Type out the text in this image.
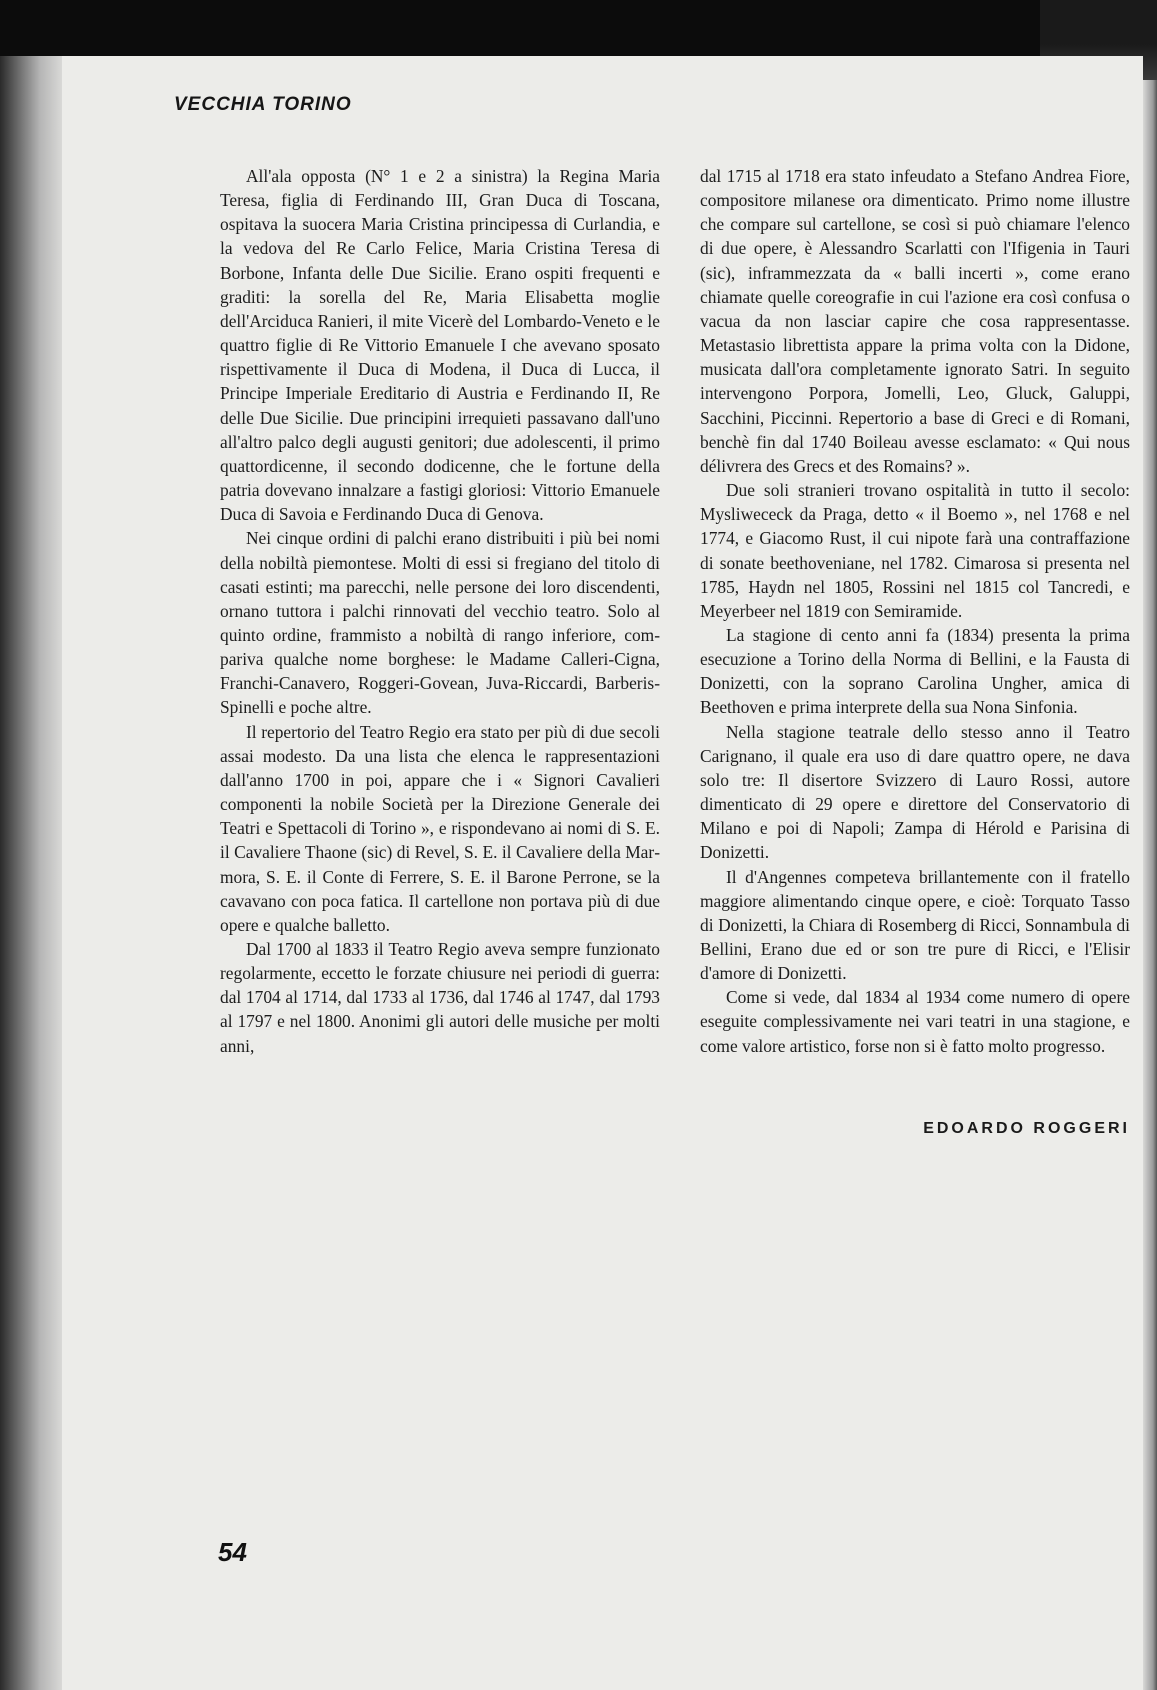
VECCHIA TORINO

All'ala opposta (N° 1 e 2 a sinistra) la Regina Maria Teresa, figlia di Ferdinando III, Gran Duca di Toscana, ospitava la suocera Maria Cristina principessa di Curlandia, e la vedova del Re Carlo Felice, Maria Cristina Teresa di Borbone, Infanta delle Due Sicilie. Erano ospiti frequenti e graditi: la sorella del Re, Maria Elisabetta moglie dell'Arciduca Ranieri, il mite Vicerè del Lombardo-Veneto e le quattro figlie di Re Vittorio Emanuele I che avevano sposato rispettivamente il Duca di Modena, il Duca di Lucca, il Principe Imperiale Ereditario di Austria e Ferdinando II, Re delle Due Sicilie. Due principini irrequieti passavano dall'uno all'altro palco degli augusti genitori; due adolescenti, il primo quattordicenne, il secondo dodicenne, che le fortune della patria dovevano innalzare a fastigi gloriosi: Vittorio Emanuele Duca di Savoia e Ferdinando Duca di Genova.

Nei cinque ordini di palchi erano distribuiti i più bei nomi della nobiltà piemontese. Molti di essi si fregiano del titolo di casati estinti; ma parecchi, nelle persone dei loro discendenti, ornano tuttora i palchi rinnovati del vecchio teatro. Solo al quinto ordine, frammisto a nobiltà di rango inferiore, compariva qualche nome borghese: le Madame Calleri-Cigna, Franchi-Canavero, Roggeri-Govean, Juva-Riccardi, Barberis-Spinelli e poche altre.

Il repertorio del Teatro Regio era stato per più di due secoli assai modesto. Da una lista che elenca le rappresentazioni dall'anno 1700 in poi, appare che i « Signori Cavalieri componenti la nobile Società per la Direzione Generale dei Teatri e Spettacoli di Torino », e rispondevano ai nomi di S. E. il Cavaliere Thaone (sic) di Revel, S. E. il Cavaliere della Marmora, S. E. il Conte di Ferrere, S. E. il Barone Perrone, se la cavavano con poca fatica. Il cartellone non portava più di due opere e qualche balletto.

Dal 1700 al 1833 il Teatro Regio aveva sempre funzionato regolarmente, eccetto le forzate chiusure nei periodi di guerra: dal 1704 al 1714, dal 1733 al 1736, dal 1746 al 1747, dal 1793 al 1797 e nel 1800. Anonimi gli autori delle musiche per molti anni,

dal 1715 al 1718 era stato infeudato a Stefano Andrea Fiore, compositore milanese ora dimenticato. Primo nome illustre che compare sul cartellone, se così si può chiamare l'elenco di due opere, è Alessandro Scarlatti con l'Ifigenia in Tauri (sic), inframmezzata da « balli incerti », come erano chiamate quelle coreografie in cui l'azione era così confusa o vacua da non lasciar capire che cosa rappresentasse. Metastasio librettista appare la prima volta con la Didone, musicata dall'ora completamente ignorato Satri. In seguito intervengono Porpora, Jomelli, Leo, Gluck, Galuppi, Sacchini, Piccinni. Repertorio a base di Greci e di Romani, benchè fin dal 1740 Boileau avesse esclamato: « Qui nous délivrera des Grecs et des Romains? ».

Due soli stranieri trovano ospitalità in tutto il secolo: Mysliwececk da Praga, detto « il Boemo », nel 1768 e nel 1774, e Giacomo Rust, il cui nipote farà una contraffazione di sonate beethoveniane, nel 1782. Cimarosa si presenta nel 1785, Haydn nel 1805, Rossini nel 1815 col Tancredi, e Meyerbeer nel 1819 con Semiramide.

La stagione di cento anni fa (1834) presenta la prima esecuzione a Torino della Norma di Bellini, e la Fausta di Donizetti, con la soprano Carolina Ungher, amica di Beethoven e prima interprete della sua Nona Sinfonia.

Nella stagione teatrale dello stesso anno il Teatro Carignano, il quale era uso di dare quattro opere, ne dava solo tre: Il disertore Svizzero di Lauro Rossi, autore dimenticato di 29 opere e direttore del Conservatorio di Milano e poi di Napoli; Zampa di Hérold e Parisina di Donizetti.

Il d'Angennes competeva brillantemente con il fratello maggiore alimentando cinque opere, e cioè: Torquato Tasso di Donizetti, la Chiara di Rosemberg di Ricci, Sonnambula di Bellini, Erano due ed or son tre pure di Ricci, e l'Elisir d'amore di Donizetti.

Come si vede, dal 1834 al 1934 come numero di opere eseguite complessivamente nei vari teatri in una stagione, e come valore artistico, forse non si è fatto molto progresso.

EDOARDO ROGGERI
54
